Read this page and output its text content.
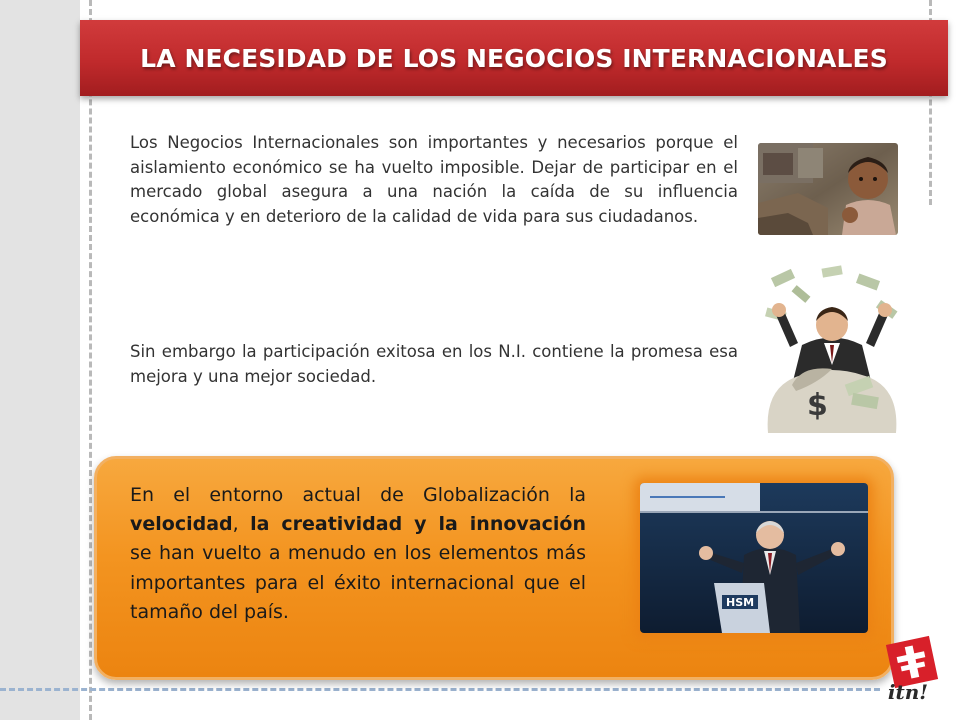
LA NECESIDAD DE LOS NEGOCIOS INTERNACIONALES

Los Negocios Internacionales son importantes y necesarios porque el aislamiento económico se ha vuelto imposible. Dejar de participar en el mercado global asegura a una nación la caída de su influencia económica y en deterioro de la calidad de vida para sus ciudadanos.

Sin embargo la participación exitosa en los N.I. contiene la promesa esa mejora y una mejor sociedad.

$

En el entorno actual de Globalización la velocidad, la creatividad y la innovación se han vuelto a menudo en los elementos más importantes para el éxito internacional que el tamaño del país.	HSM
itn!
